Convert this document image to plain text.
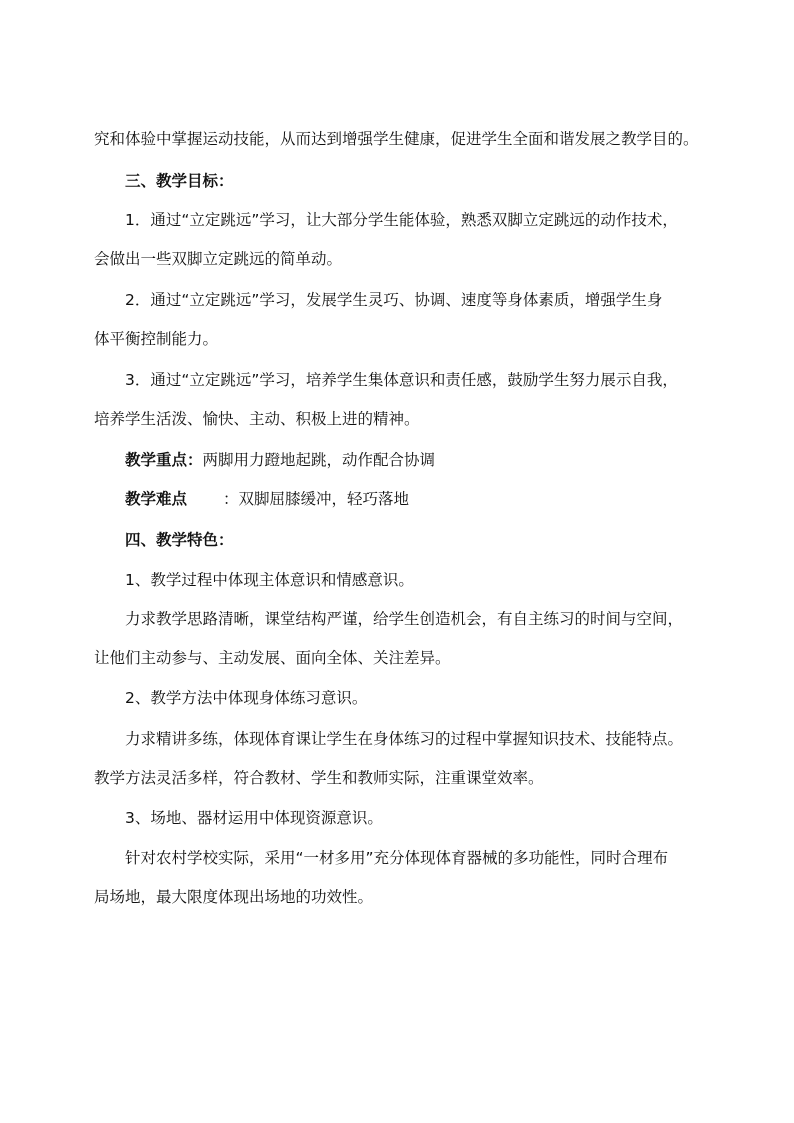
究和体验中掌握运动技能，从而达到增强学生健康，促进学生全面和谐发展之教学目的。
三、教学目标：
1．通过“立定跳远”学习，让大部分学生能体验，熟悉双脚立定跳远的动作技术，
会做出一些双脚立定跳远的简单动。
2．通过“立定跳远”学习，发展学生灵巧、协调、速度等身体素质，增强学生身
体平衡控制能力。
3．通过“立定跳远”学习，培养学生集体意识和责任感，鼓励学生努力展示自我，
培养学生活泼、愉快、主动、积极上进的精神。
教学重点：两脚用力蹬地起跳，动作配合协调
教学难点 ：双脚屈膝缓冲，轻巧落地
四、教学特色：
1、教学过程中体现主体意识和情感意识。
力求教学思路清晰，课堂结构严谨，给学生创造机会，有自主练习的时间与空间，
让他们主动参与、主动发展、面向全体、关注差异。
2、教学方法中体现身体练习意识。
力求精讲多练，体现体育课让学生在身体练习的过程中掌握知识技术、技能特点。
教学方法灵活多样，符合教材、学生和教师实际，注重课堂效率。
3、场地、器材运用中体现资源意识。
针对农村学校实际，采用“一材多用”充分体现体育器械的多功能性，同时合理布
局场地，最大限度体现出场地的功效性。
